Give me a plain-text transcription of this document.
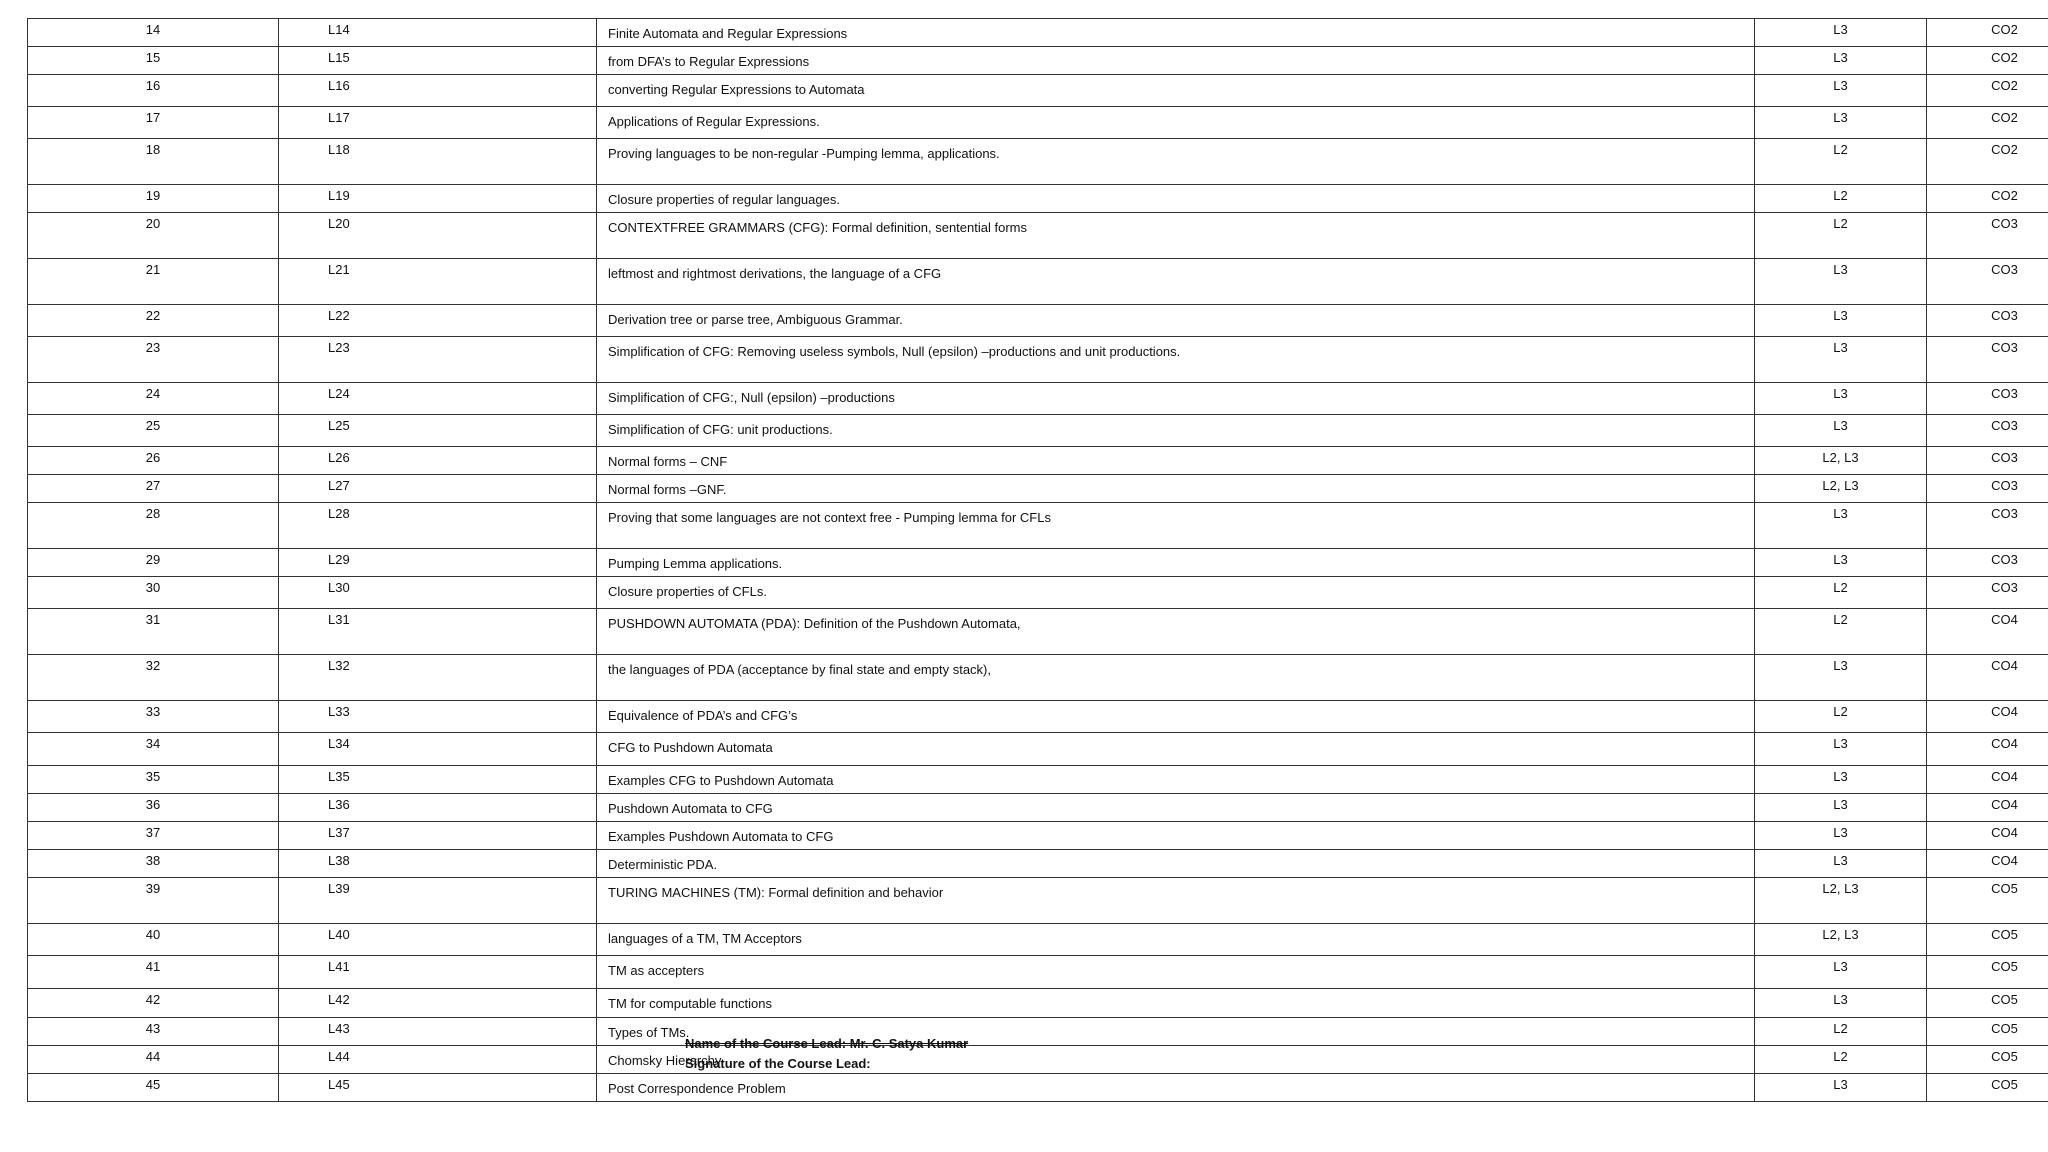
14	L14	Finite Automata and Regular Expressions	L3	CO2

15	L15	from DFA’s to Regular Expressions	L3	CO2

16	L16	converting Regular Expressions to Automata	L3	CO2

17	L17	Applications of Regular Expressions.	L3	CO2

18	L18	Proving languages to be non-regular -Pumping lemma, applications.	L2	CO2

19	L19	Closure properties of regular languages.	L2	CO2

20	L20	CONTEXTFREE GRAMMARS (CFG): Formal definition, sentential forms	L2	CO3

21	L21	leftmost and rightmost derivations, the language of a CFG	L3	CO3

22	L22	Derivation tree or parse tree, Ambiguous Grammar.	L3	CO3

23	L23	Simplification of CFG: Removing useless symbols, Null (epsilon) –productions and unit productions.	L3	CO3

24	L24	Simplification of CFG:, Null (epsilon) –productions	L3	CO3

25	L25	Simplification of CFG: unit productions.	L3	CO3

26	L26	Normal forms – CNF	L2, L3	CO3

27	L27	Normal forms –GNF.	L2, L3	CO3

28	L28	Proving that some languages are not context free - Pumping lemma for CFLs	L3	CO3

29	L29	Pumping Lemma applications.	L3	CO3

30	L30	Closure properties of CFLs.	L2	CO3

31	L31	PUSHDOWN AUTOMATA (PDA): Definition of the Pushdown Automata,	L2	CO4

32	L32	the languages of PDA (acceptance by final state and empty stack),	L3	CO4

33	L33	Equivalence of PDA’s and CFG’s	L2	CO4

34	L34	CFG to Pushdown Automata	L3	CO4

35	L35	Examples CFG to Pushdown Automata	L3	CO4

36	L36	Pushdown Automata to CFG	L3	CO4

37	L37	Examples Pushdown Automata to CFG	L3	CO4

38	L38	Deterministic PDA.	L3	CO4

39	L39	TURING MACHINES (TM): Formal definition and behavior	L2, L3	CO5

40	L40	languages of a TM, TM Acceptors	L2, L3	CO5

41	L41	TM as accepters	L3	CO5

42	L42	TM for computable functions	L3	CO5

43	L43	Types of TMs.	L2	CO5

44	L44	Chomsky Hierarchy	L2	CO5

45	L45	Post Correspondence Problem	L3	CO5
Name of the Course Lead: Mr. C. Satya Kumar
Signature of the Course Lead:
